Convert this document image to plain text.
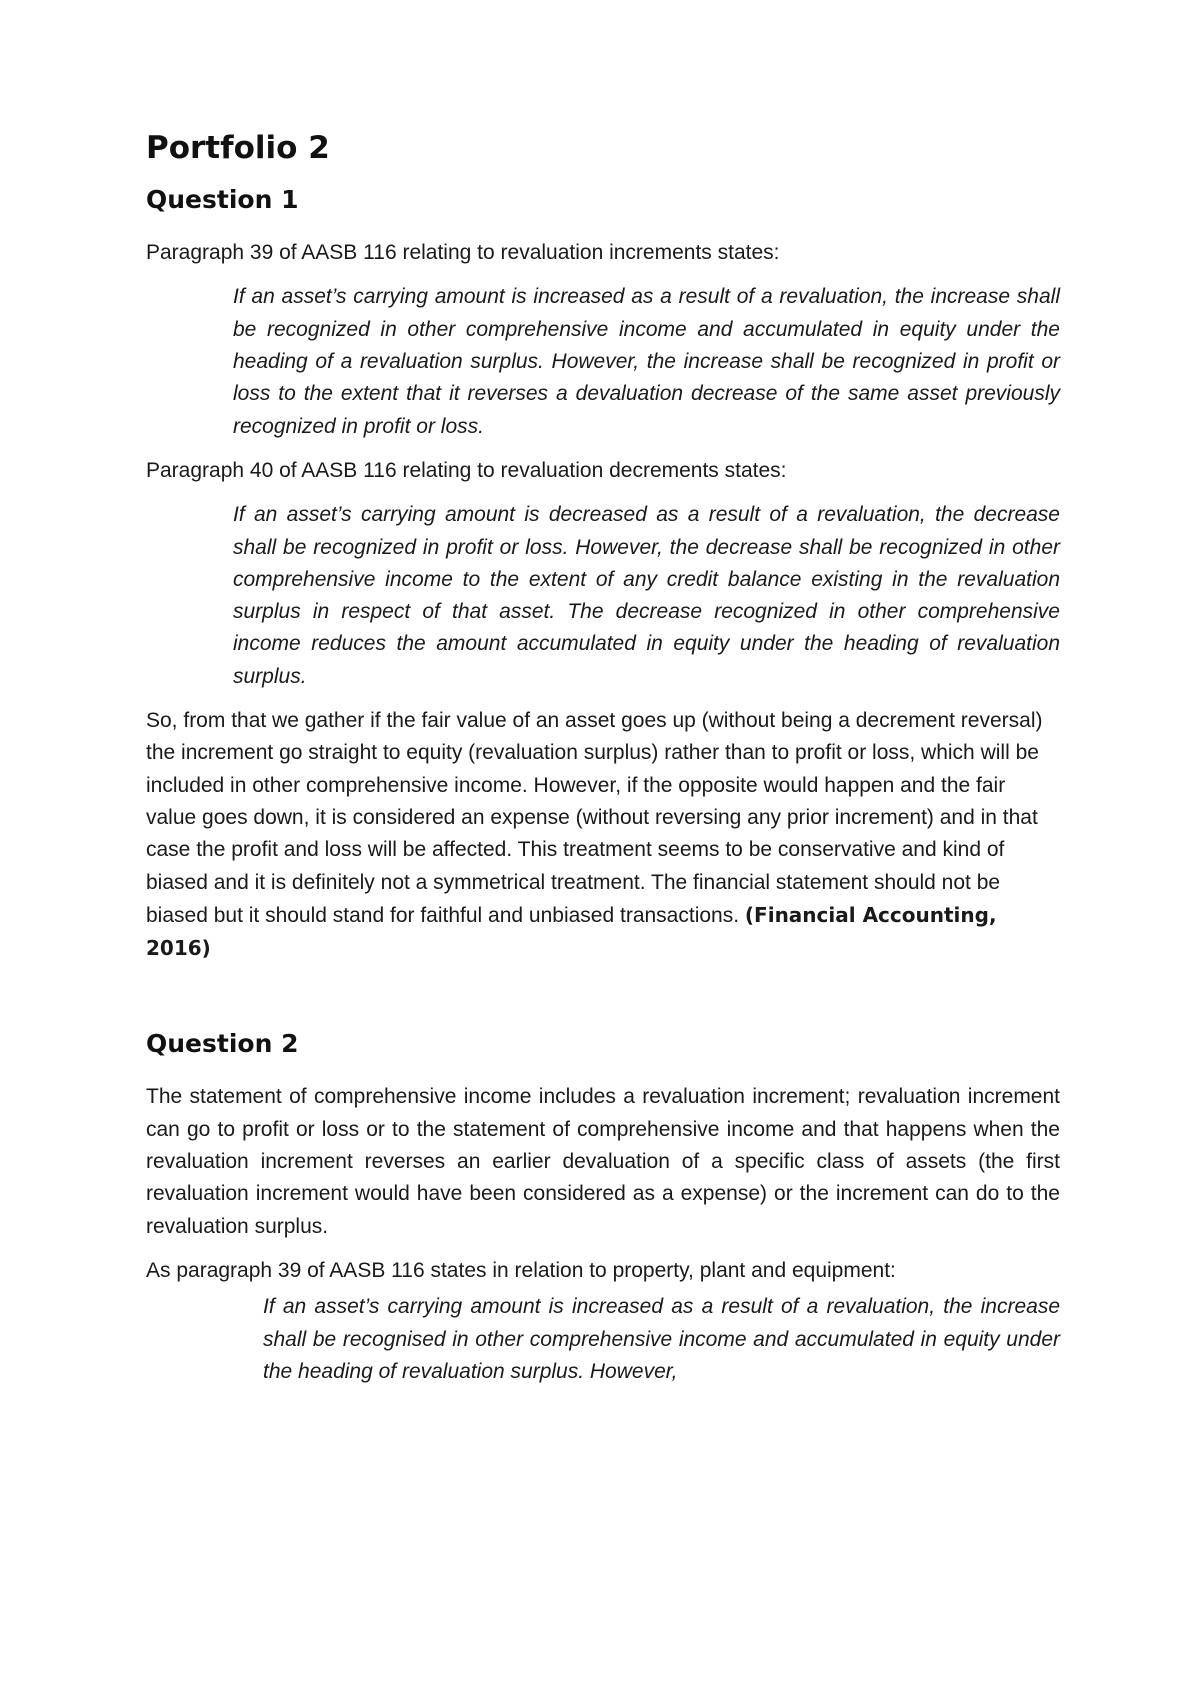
Portfolio 2
Question 1

Paragraph 39 of AASB 116 relating to revaluation increments states:

If an asset’s carrying amount is increased as a result of a revaluation, the increase shall be recognized in other comprehensive income and accumulated in equity under the heading of a revaluation surplus. However, the increase shall be recognized in profit or loss to the extent that it reverses a devaluation decrease of the same asset previously recognized in profit or loss.

Paragraph 40 of AASB 116 relating to revaluation decrements states:

If an asset’s carrying amount is decreased as a result of a revaluation, the decrease shall be recognized in profit or loss. However, the decrease shall be recognized in other comprehensive income to the extent of any credit balance existing in the revaluation surplus in respect of that asset. The decrease recognized in other comprehensive income reduces the amount accumulated in equity under the heading of revaluation surplus.

So, from that we gather if the fair value of an asset goes up (without being a decrement reversal) the increment go straight to equity (revaluation surplus) rather than to profit or loss, which will be included in other comprehensive income. However, if the opposite would happen and the fair value goes down, it is considered an expense (without reversing any prior increment) and in that case the profit and loss will be affected. This treatment seems to be conservative and kind of biased and it is definitely not a symmetrical treatment. The financial statement should not be biased but it should stand for faithful and unbiased transactions. (Financial Accounting, 2016)

Question 2

The statement of comprehensive income includes a revaluation increment; revaluation increment can go to profit or loss or to the statement of comprehensive income and that happens when the revaluation increment reverses an earlier devaluation of a specific class of assets (the first revaluation increment would have been considered as a expense) or the increment can do to the revaluation surplus.

As paragraph 39 of AASB 116 states in relation to property, plant and equipment:

If an asset’s carrying amount is increased as a result of a revaluation, the increase shall be recognised in other comprehensive income and accumulated in equity under the heading of revaluation surplus. However,
